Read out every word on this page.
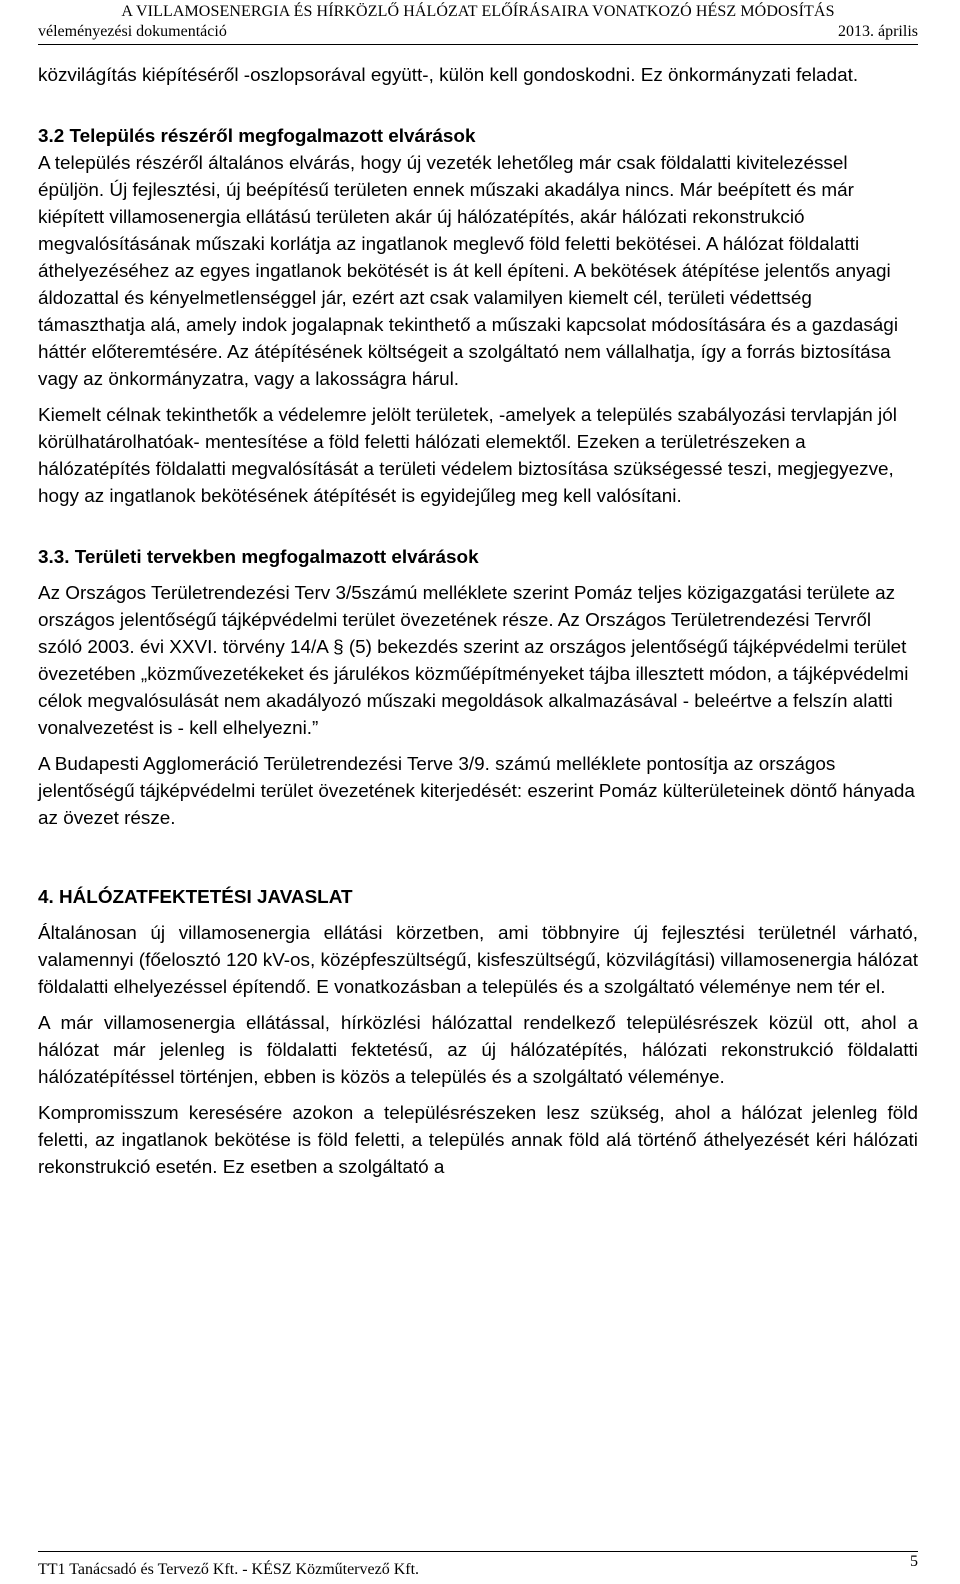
A VILLAMOSENERGIA ÉS HÍRKÖZLŐ HÁLÓZAT ELŐÍRÁSAIRA VONATKOZÓ HÉSZ MÓDOSÍTÁS
véleményezési dokumentáció	2013. április

közvilágítás kiépítéséről -oszlopsorával együtt-, külön kell gondoskodni. Ez önkormányzati feladat.

3.2 Település részéről megfogalmazott elvárások

A település részéről általános elvárás, hogy új vezeték lehetőleg már csak földalatti kivitelezéssel épüljön. Új fejlesztési, új beépítésű területen ennek műszaki akadálya nincs. Már beépített és már kiépített villamosenergia ellátású területen akár új hálózatépítés, akár hálózati rekonstrukció megvalósításának műszaki korlátja az ingatlanok meglevő föld feletti bekötései. A hálózat földalatti áthelyezéséhez az egyes ingatlanok bekötését is át kell építeni. A bekötések átépítése jelentős anyagi áldozattal és kényelmetlenséggel jár, ezért azt csak valamilyen kiemelt cél, területi védettség támaszthatja alá, amely indok jogalapnak tekinthető a műszaki kapcsolat módosítására és a gazdasági háttér előteremtésére. Az átépítésének költségeit a szolgáltató nem vállalhatja, így a forrás biztosítása vagy az önkormányzatra, vagy a lakosságra hárul.

Kiemelt célnak tekinthetők a védelemre jelölt területek, -amelyek a település szabályozási tervlapján jól körülhatárolhatóak- mentesítése a föld feletti hálózati elemektől. Ezeken a területrészeken a hálózatépítés földalatti megvalósítását a területi védelem biztosítása szükségessé teszi, megjegyezve, hogy az ingatlanok bekötésének átépítését is egyidejűleg meg kell valósítani.

3.3. Területi tervekben megfogalmazott elvárások

Az Országos Területrendezési Terv 3/5számú melléklete szerint Pomáz teljes közigazgatási területe az országos jelentőségű tájképvédelmi terület övezetének része. Az Országos Területrendezési Tervről szóló 2003. évi XXVI. törvény 14/A § (5) bekezdés szerint az országos jelentőségű tájképvédelmi terület övezetében „közművezetékeket és járulékos közműépítményeket tájba illesztett módon, a tájképvédelmi célok megvalósulását nem akadályozó műszaki megoldások alkalmazásával - beleértve a felszín alatti vonalvezetést is - kell elhelyezni.”

A Budapesti Agglomeráció Területrendezési Terve 3/9. számú melléklete pontosítja az országos jelentőségű tájképvédelmi terület övezetének kiterjedését: eszerint Pomáz külterületeinek döntő hányada az övezet része.

4. HÁLÓZATFEKTETÉSI JAVASLAT

Általánosan új villamosenergia ellátási körzetben, ami többnyire új fejlesztési területnél várható, valamennyi (főelosztó 120 kV-os, középfeszültségű, kisfeszültségű, közvilágítási) villamosenergia hálózat földalatti elhelyezéssel építendő. E vonatkozásban a település és a szolgáltató véleménye nem tér el.

A már villamosenergia ellátással, hírközlési hálózattal rendelkező településrészek közül ott, ahol a hálózat már jelenleg is földalatti fektetésű, az új hálózatépítés, hálózati rekonstrukció földalatti hálózatépítéssel történjen, ebben is közös a település és a szolgáltató véleménye.

Kompromisszum keresésére azokon a településrészeken lesz szükség, ahol a hálózat jelenleg föld feletti, az ingatlanok bekötése is föld feletti, a település annak föld alá történő áthelyezését kéri hálózati rekonstrukció esetén. Ez esetben a szolgáltató a

TT1 Tanácsadó és Tervező Kft. - KÉSZ Közműtervező Kft.	5
